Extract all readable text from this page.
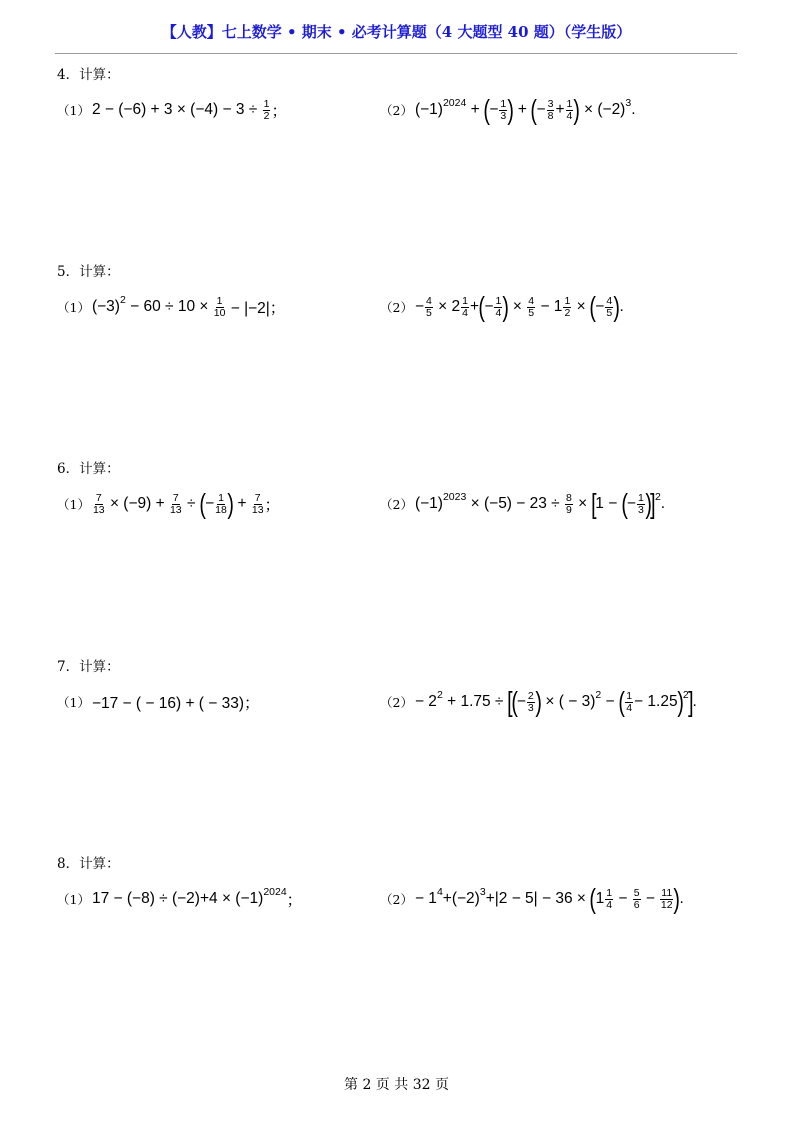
【人教】七上数学 • 期末 • 必考计算题（4 大题型 40 题）（学生版）
4．计算：
（1） $2 - (-6) + 3 \times (-4) - 3 \div \frac{1}{2}$ ；	（2） (−1) 2024 + ( − $\frac{1}{3}$ ) + ( − $\frac{3}{8} + \frac{1}{4}$ ) × (−2) 3 .
5．计算：
（1） (−3) $2 - 60 \div 10 \times \frac{1}{10} - |-2|$；	$(2) - \frac{4}{5} \times 2 \frac{1}{4}$ + ( − $\frac{1}{4}$ ) × $\frac{4}{5} - 1 \frac{1}{2}$ × ( − $\frac{4}{5}$ ) .
6．计算：
$(1) \frac{7}{13} \times (-9) + \frac{7}{13}$ ÷ ( − $\frac{1}{18}$ ) + $\frac{7}{13}$ ；	（2） (−1) $2023 \times (-5) - 23 \div \frac{8}{9}$ × [ 1 − ( − $\frac{1}{3}$ )
] 2 .
7．计算：
（1） −17 − ( − 16) + ( − 33)；	（2） − 2 2 + 1.75 ÷ [
( − $\frac{2}{3}$ ) × ( − 3) 2 − ( $\frac{1}{4} - 1.25$ ) 2 ] .
8．计算：
（1） 17 − (−8) ÷ (−2)+4 × (−1) 2024 ；	（2） − 1 4 +(−2) 3 +|2 − 5| − 36 × ( $1 \frac{1}{4} - \frac{5}{6} - \frac{11}{12}$ ) .
第 2 页 共 32 页
